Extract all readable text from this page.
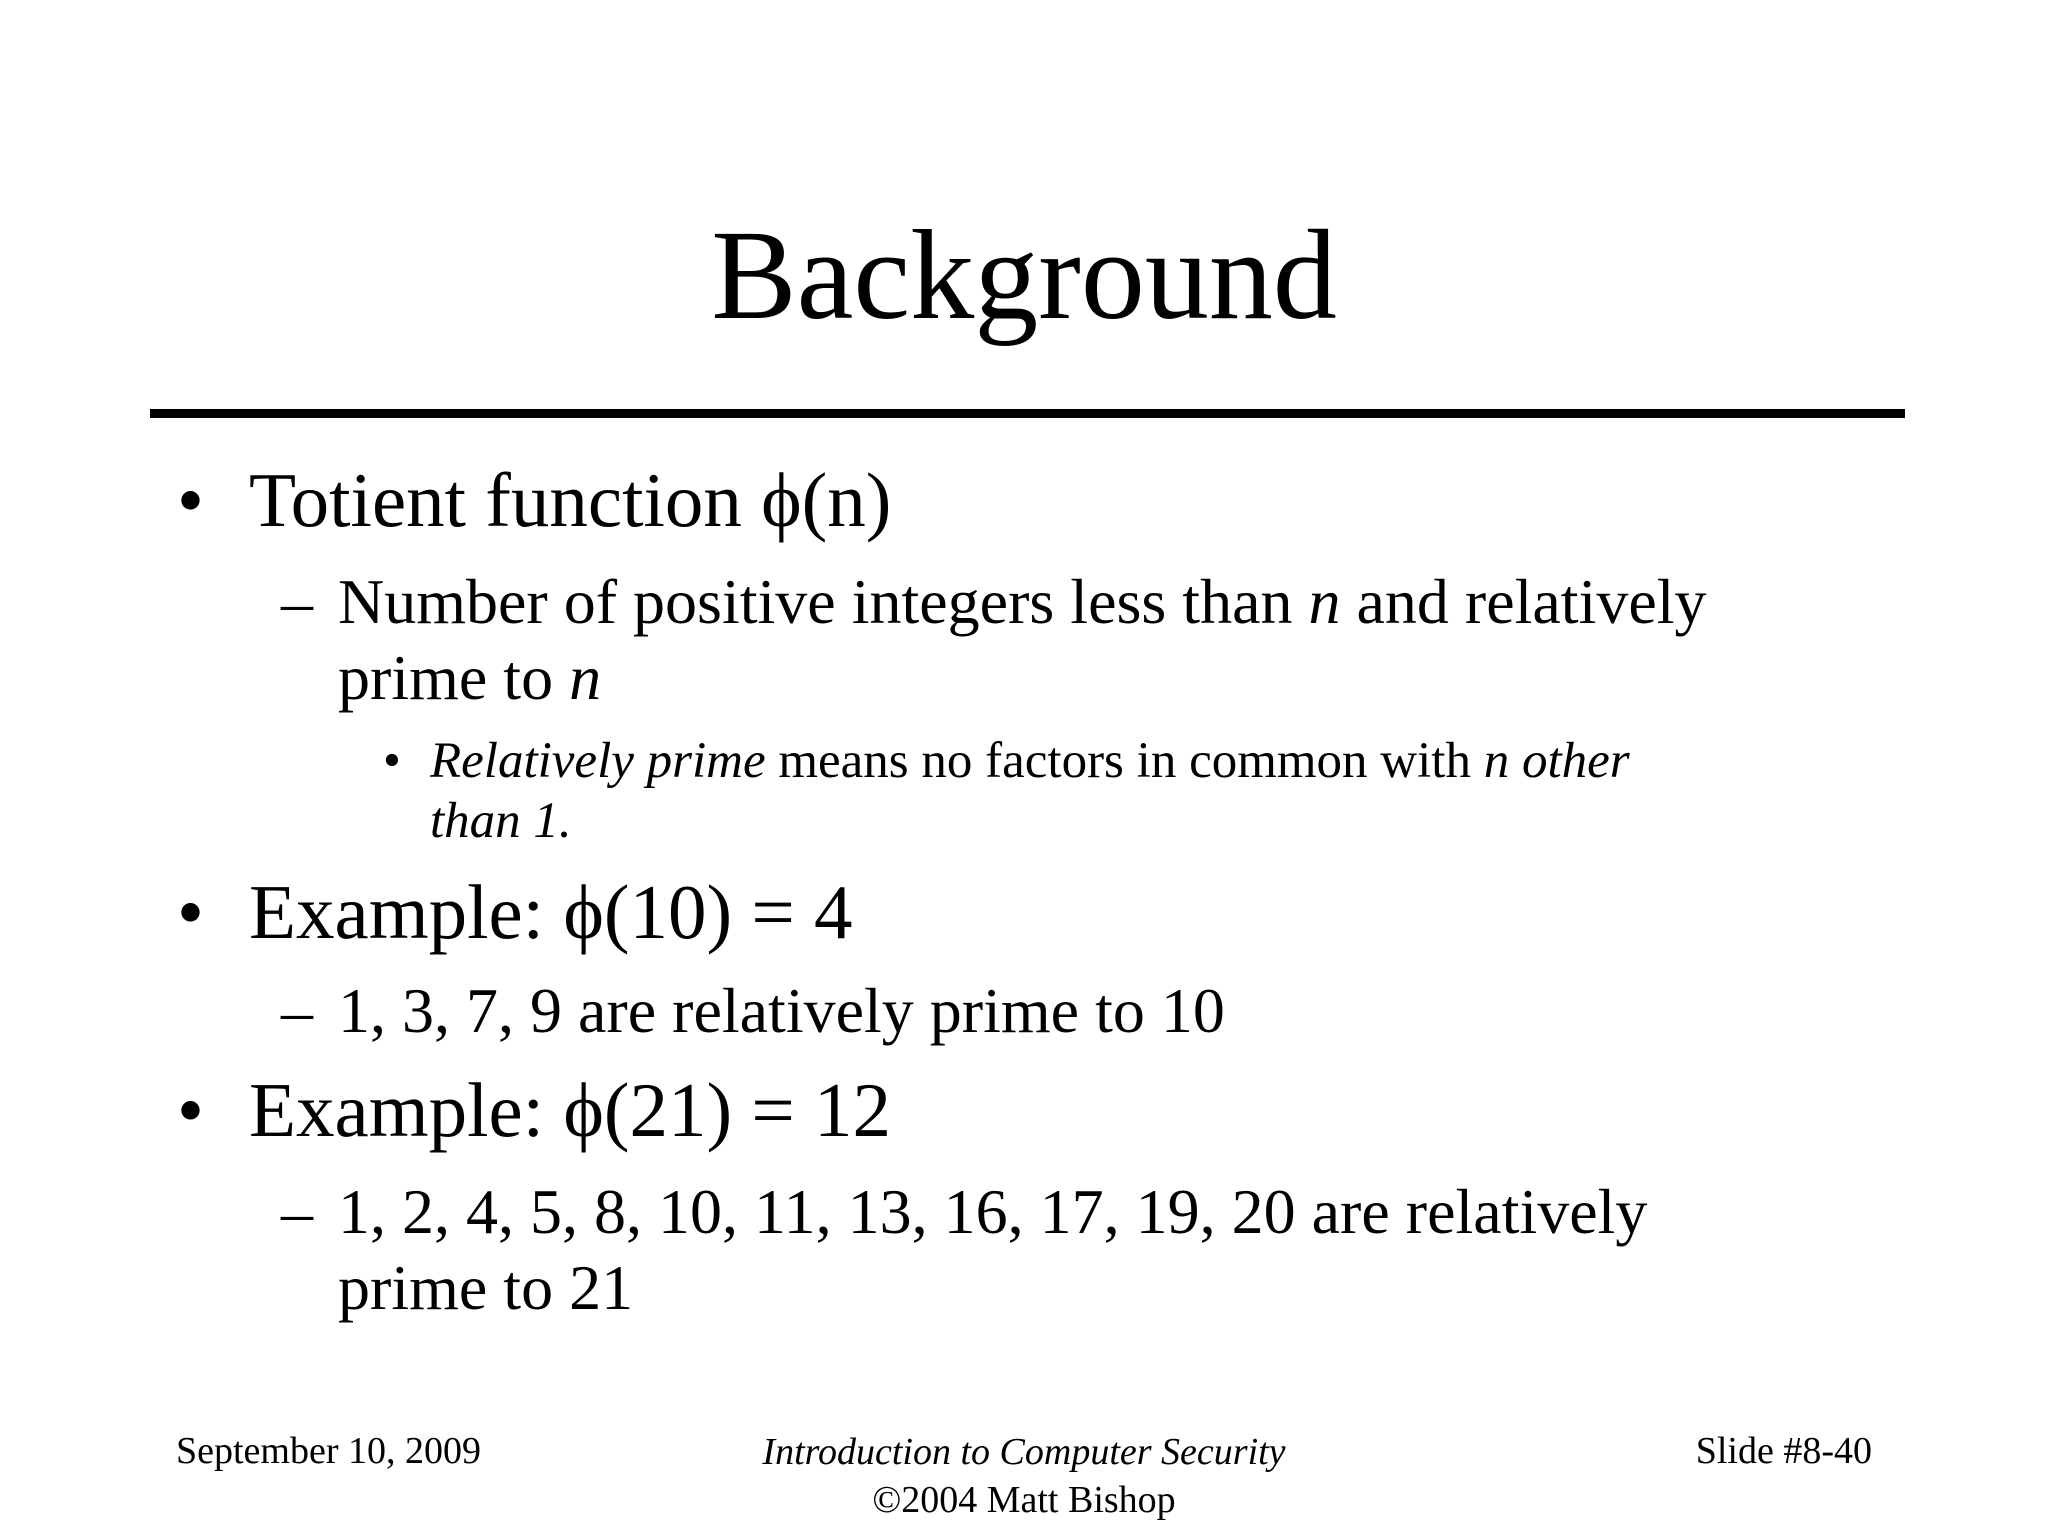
Background
• Totient function ϕ(n)
– Number of positive integers less than n and relatively
prime to n
• Relatively prime means no factors in common with n other
than 1.
• Example: ϕ(10) = 4
– 1, 3, 7, 9 are relatively prime to 10
• Example: ϕ(21) = 12
– 1, 2, 4, 5, 8, 10, 11, 13, 16, 17, 19, 20 are relatively
prime to 21
September 10, 2009	Introduction to Computer Security
©2004 Matt Bishop
Slide #8-40
